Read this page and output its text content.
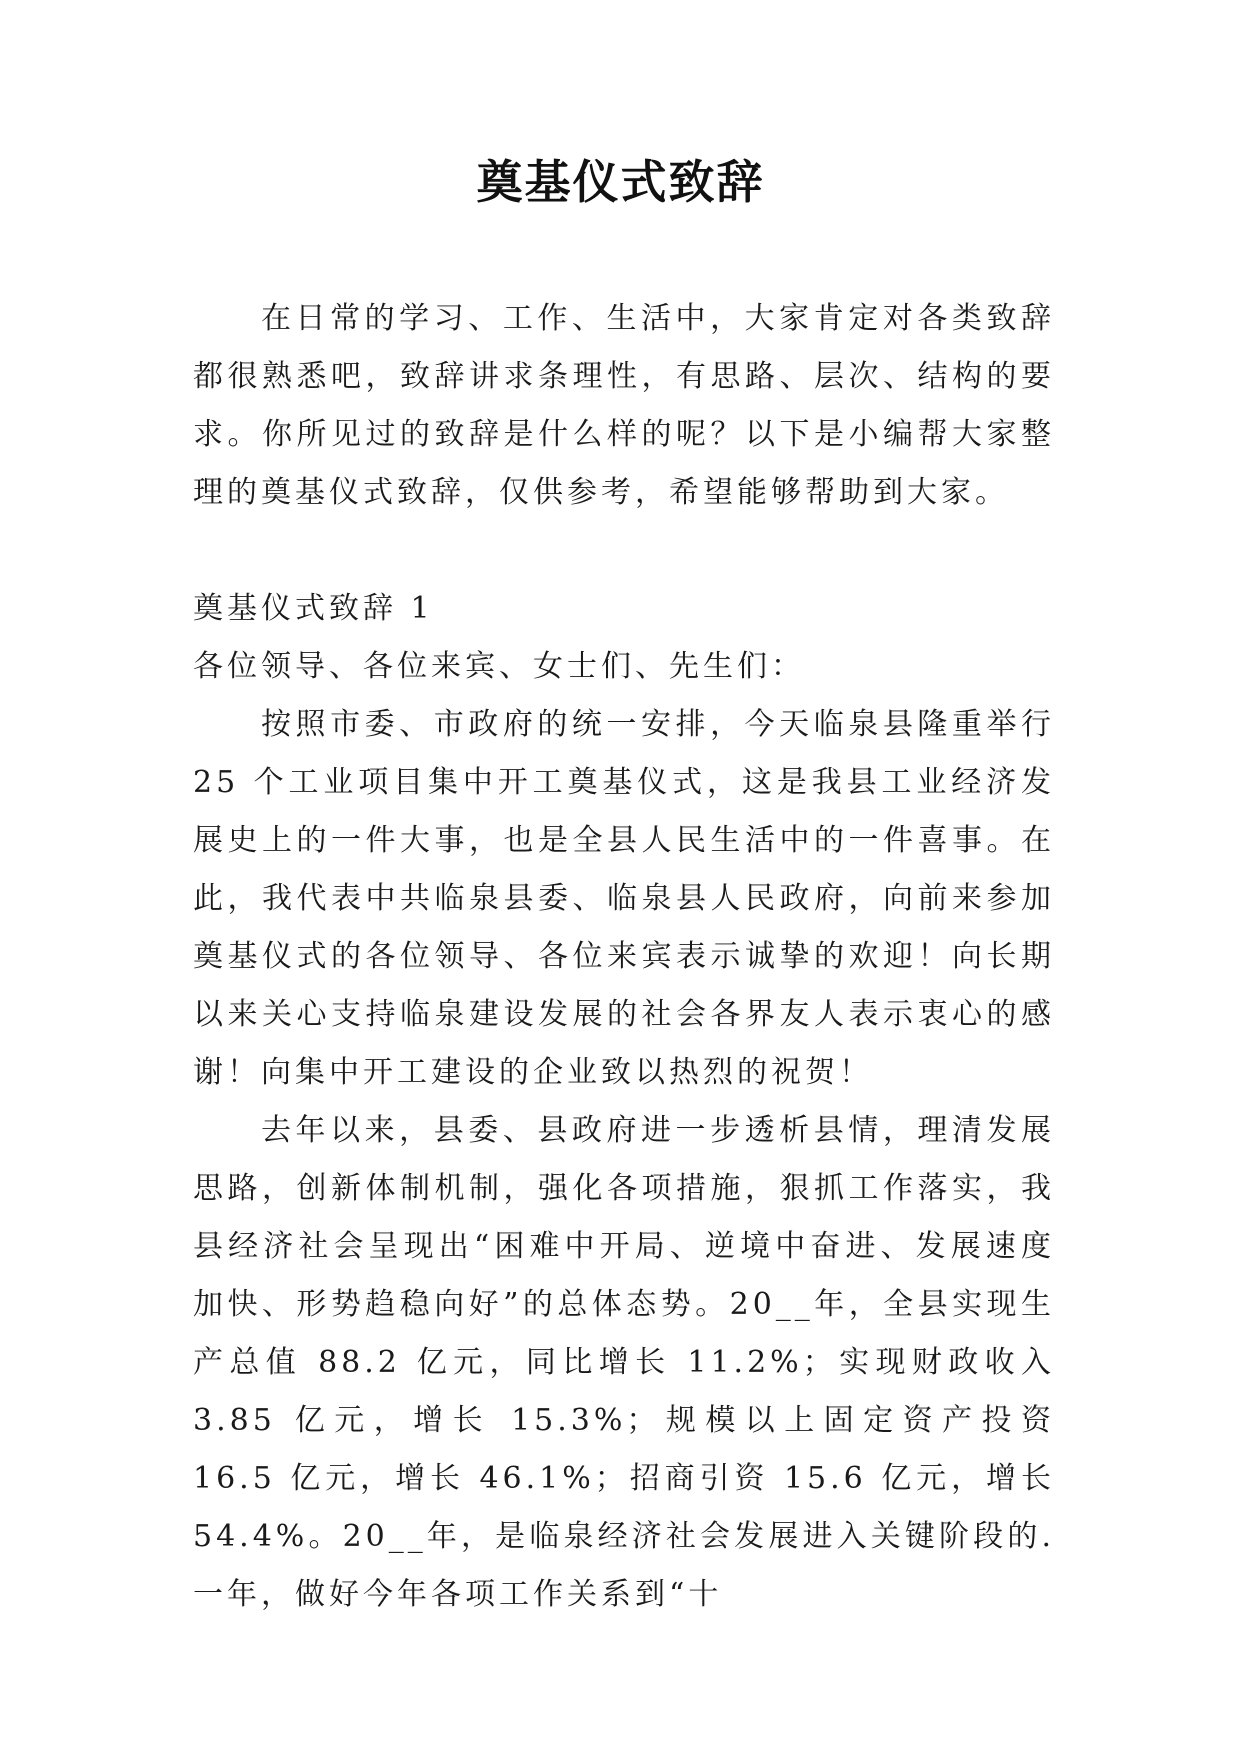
奠基仪式致辞

在日常的学习、工作、生活中，大家肯定对各类致辞都很熟悉吧，致辞讲求条理性，有思路、层次、结构的要求。你所见过的致辞是什么样的呢？以下是小编帮大家整理的奠基仪式致辞，仅供参考，希望能够帮助到大家。

奠基仪式致辞 1

各位领导、各位来宾、女士们、先生们：

按照市委、市政府的统一安排，今天临泉县隆重举行 25 个工业项目集中开工奠基仪式，这是我县工业经济发展史上的一件大事，也是全县人民生活中的一件喜事。在此，我代表中共临泉县委、临泉县人民政府，向前来参加奠基仪式的各位领导、各位来宾表示诚挚的欢迎！向长期以来关心支持临泉建设发展的社会各界友人表示衷心的感谢！向集中开工建设的企业致以热烈的祝贺！

去年以来，县委、县政府进一步透析县情，理清发展思路，创新体制机制，强化各项措施，狠抓工作落实，我县经济社会呈现出“困难中开局、逆境中奋进、发展速度加快、形势趋稳向好”的总体态势。20__年，全县实现生产总值 88.2 亿元，同比增长 11.2%；实现财政收入 3.85 亿元，增长 15.3%；规模以上固定资产投资 16.5 亿元，增长 46.1%；招商引资 15.6 亿元，增长 54.4%。20__年，是临泉经济社会发展进入关键阶段的.一年，做好今年各项工作关系到“十
